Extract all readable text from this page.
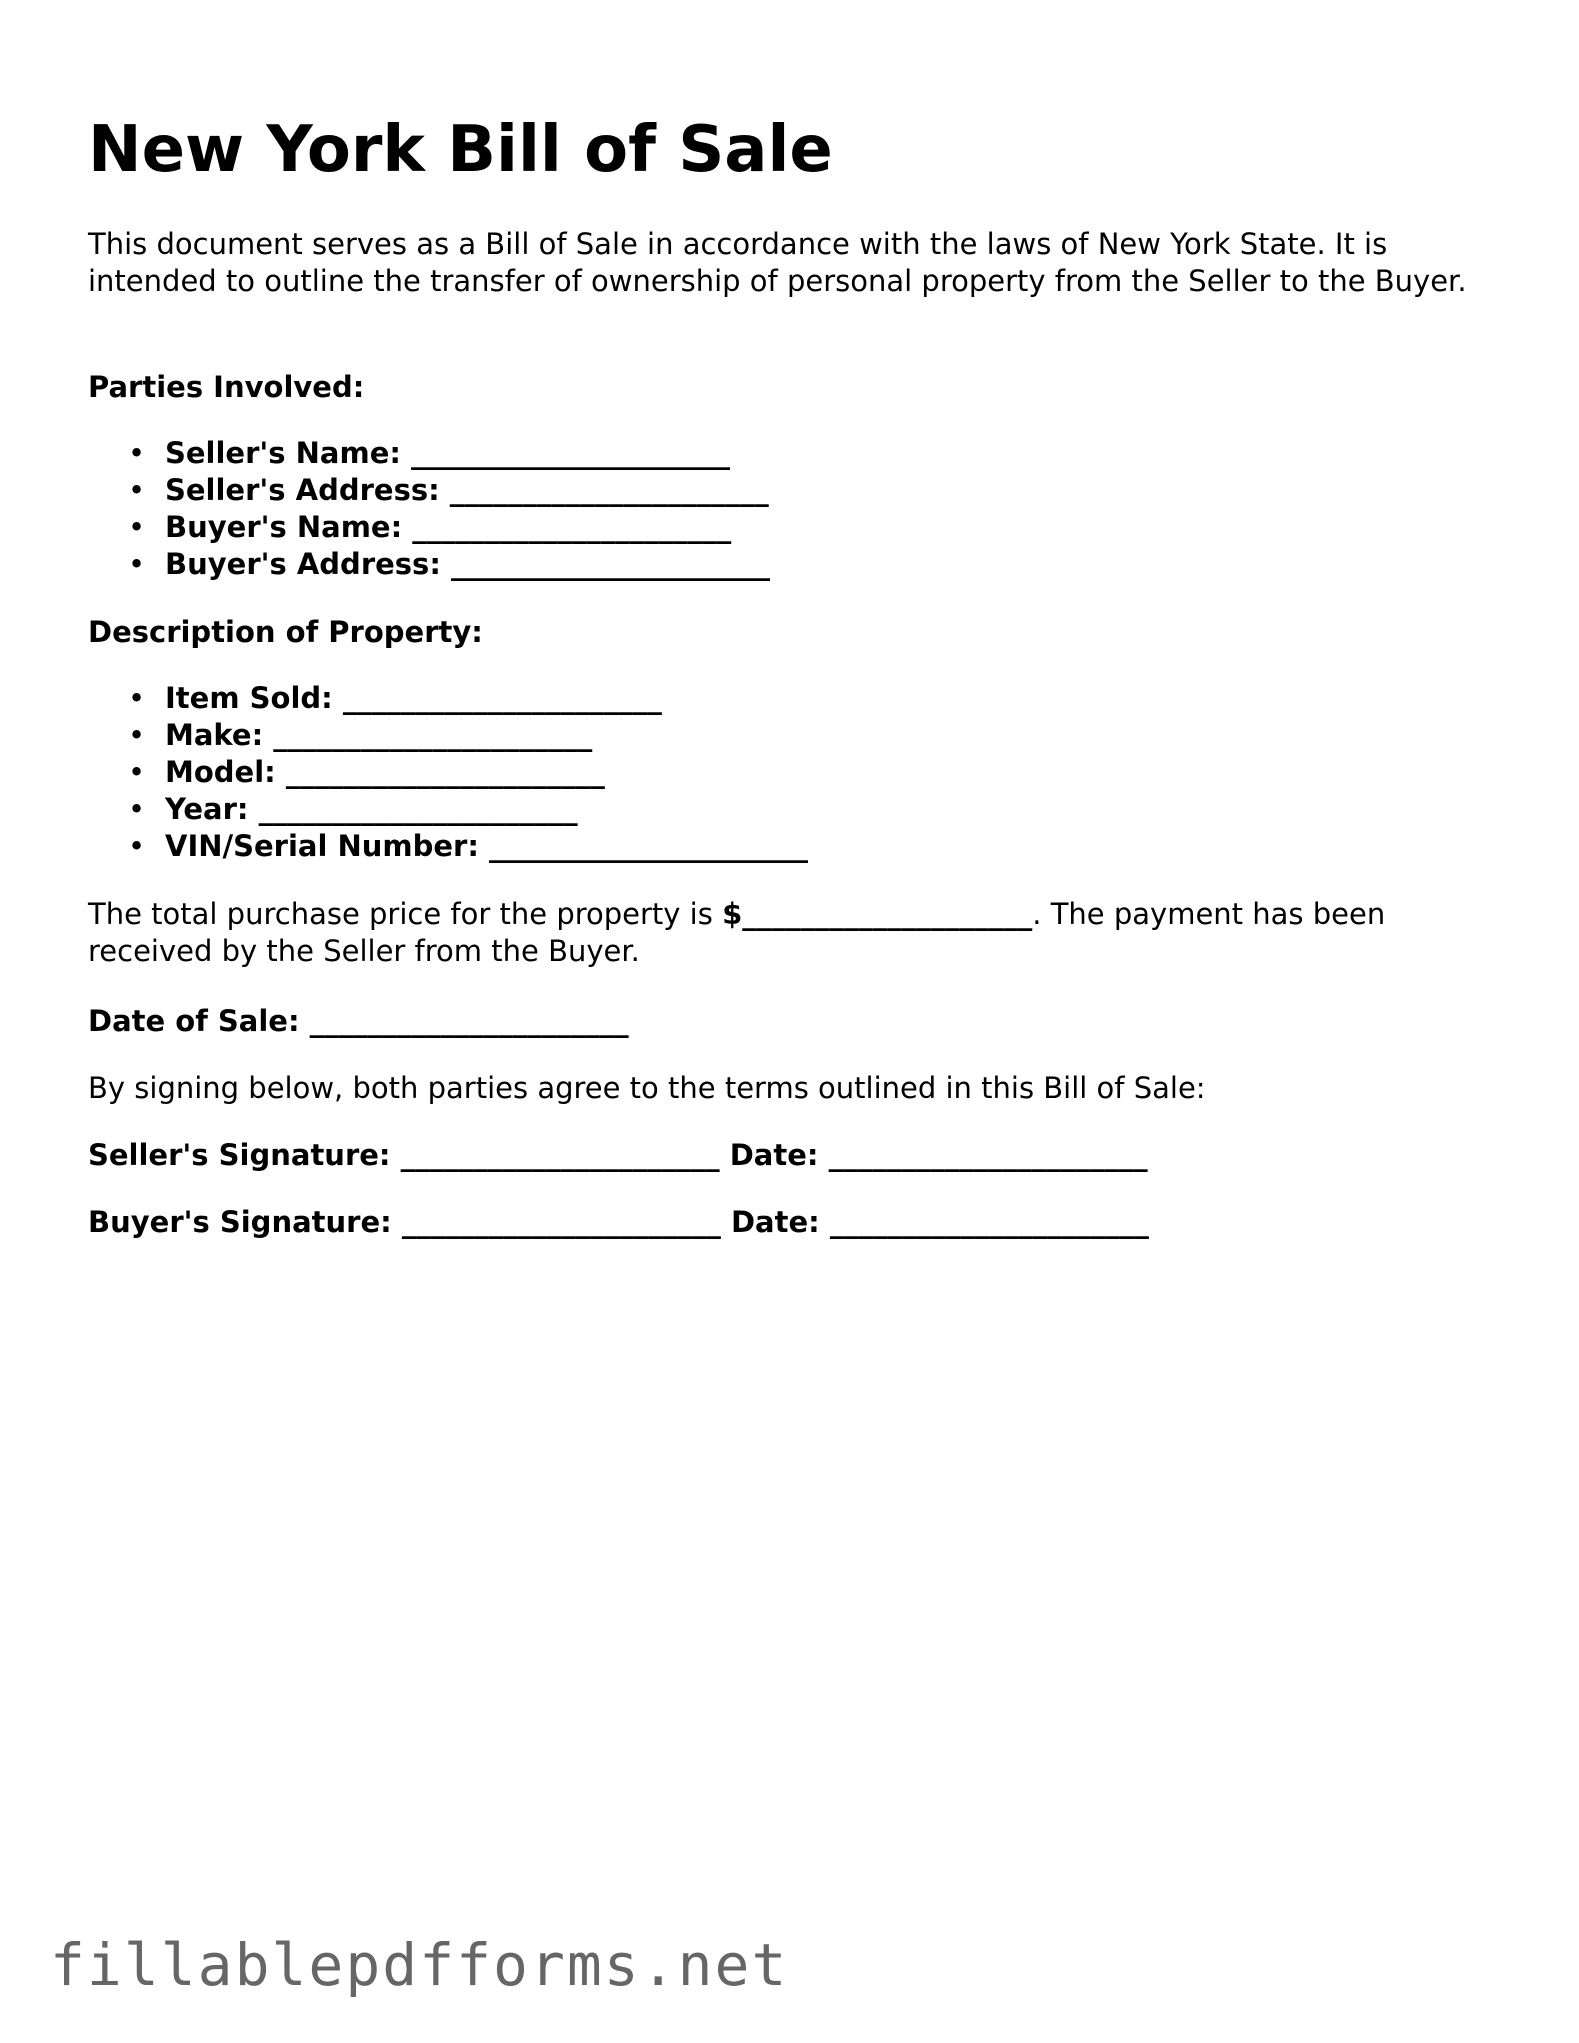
New York Bill of Sale

This document serves as a Bill of Sale in accordance with the laws of New York State. It is intended to outline the transfer of ownership of personal property from the Seller to the Buyer.

Parties Involved:

• Seller's Name: ______________________
• Seller's Address: ______________________
• Buyer's Name: ______________________
• Buyer's Address: ______________________

Description of Property:

• Item Sold: ______________________
• Make: ______________________
• Model: ______________________
• Year: ______________________
• VIN/Serial Number: ______________________

The total purchase price for the property is $____________________. The payment has been received by the Seller from the Buyer.

Date of Sale: ______________________

By signing below, both parties agree to the terms outlined in this Bill of Sale:

Seller's Signature: ______________________ Date: ______________________
Buyer's Signature: ______________________ Date: ______________________
fillablepdfforms.net
